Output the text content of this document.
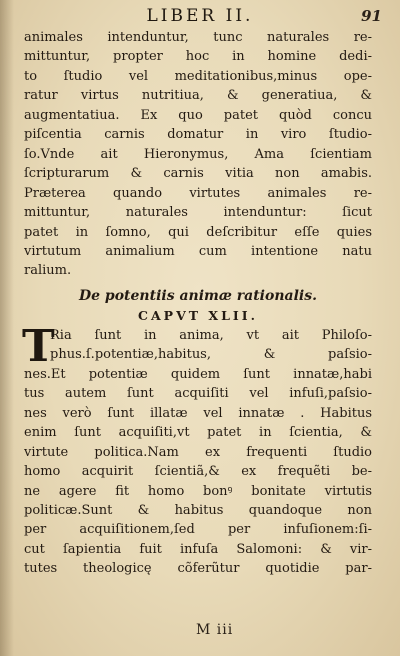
LIBER II.	91
animales intenduntur, tunc naturales re-
mittuntur, propter hoc in homine dedi-
to ſtudio vel meditationibus,minus ope-
ratur virtus nutritiua, & generatiua, &
augmentatiua. Ex quo patet quòd concu
piſcentia carnis domatur in viro ſtudio-
ſo.Vnde ait Hieronymus, Ama ſcientiam
ſcripturarum & carnis vitia non amabis.
Præterea quando virtutes animales re-
mittuntur, naturales intenduntur: ſicut
patet in ſomno, qui deſcribitur eſſe quies
virtutum animalium cum intentione natu
ralium.
De potentiis animæ rationalis.
CAPVT XLII.
T
Ria ſunt in anima, vt ait Philoſo-
phus.ſ.potentiæ,habitus, & paſsio-
nes.Et potentiæ quidem ſunt innatæ,habi
tus autem ſunt acquiſiti vel infuſi,paſsio-
nes verò ſunt illatæ vel innatæ . Habitus
enim ſunt acquiſiti,vt patet in ſcientia, &
virtute politica.Nam ex frequenti ſtudio
homo acquirit ſcientiã,& ex frequẽti be-
ne agere fit homo bonꝰ bonitate virtutis
politicæ.Sunt & habitus quandoque non
per acquiſitionem,ſed per infuſionem:ſi-
cut ſapientia fuit infuſa Salomoni: & vir-
tutes theologicę cõferũtur quotidie par-
M iii
